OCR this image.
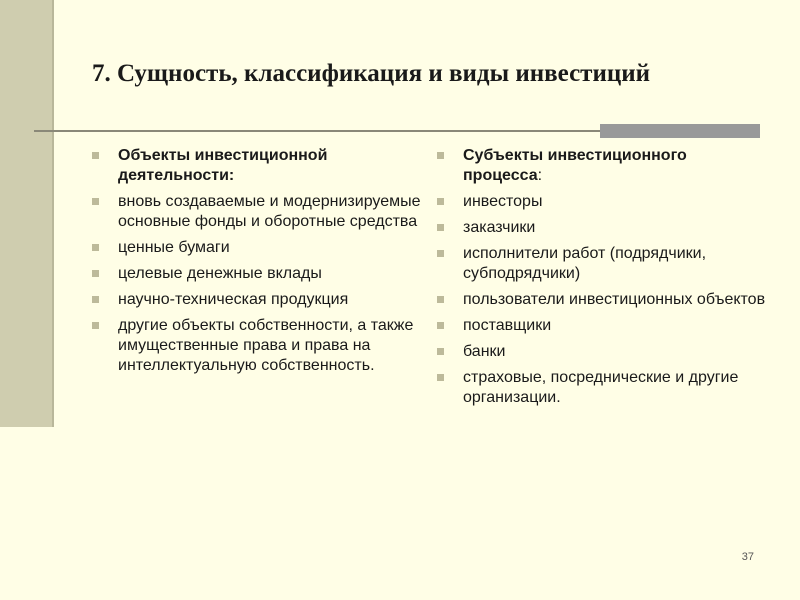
7. Сущность, классификация и виды инвестиций
Объекты инвестиционной деятельности:
вновь создаваемые и модернизируемые основные фонды и оборотные средства
ценные бумаги
целевые денежные вклады
научно-техническая продукция
другие объекты собственности, а также имущественные права и права на интеллектуальную собственность.
Субъекты инвестиционного процесса:
инвесторы
заказчики
исполнители работ (подрядчики, субподрядчики)
пользователи инвестиционных объектов
поставщики
банки
страховые, посреднические и другие организации.
37
